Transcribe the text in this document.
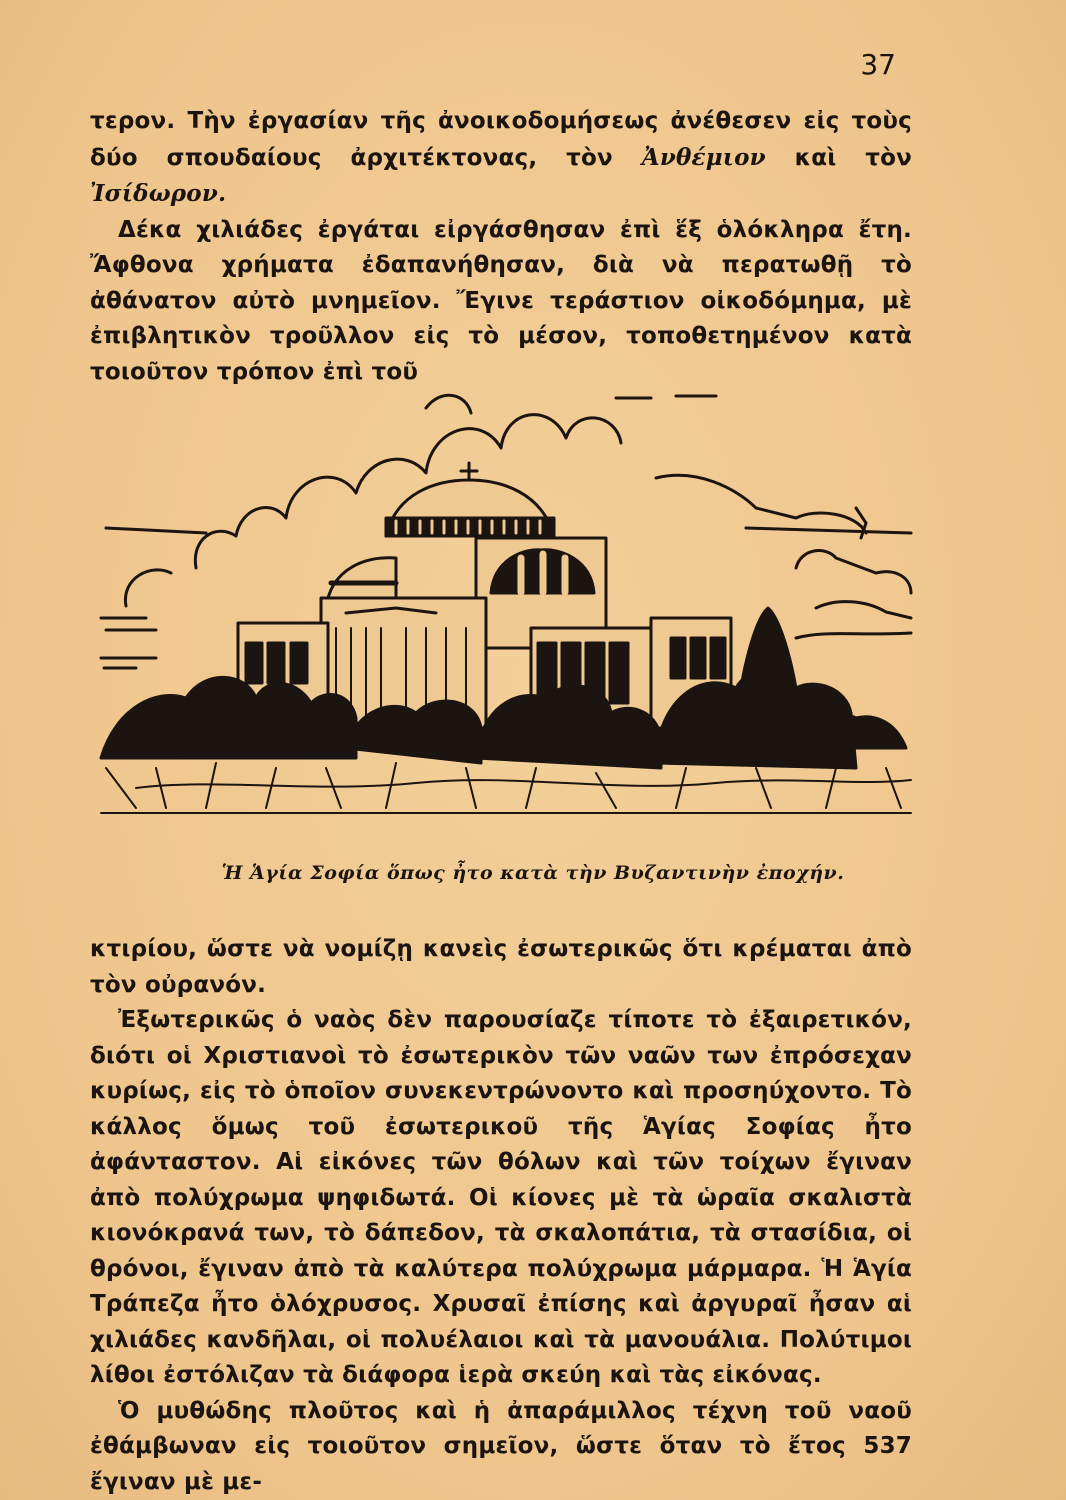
37

τερον. Τὴν ἐργασίαν τῆς ἀνοικοδομήσεως ἀνέθεσεν εἰς τοὺς δύο σπουδαίους ἀρχιτέκτονας, τὸν Ἀνθέμιον καὶ τὸν Ἰσίδωρον.

Δέκα χιλιάδες ἐργάται εἰργάσθησαν ἐπὶ ἕξ ὁλόκληρα ἔτη. Ἄφθονα χρήματα ἐδαπανήθησαν, διὰ νὰ περατωθῇ τὸ ἀθάνατον αὐτὸ μνημεῖον. Ἔγινε τεράστιον οἰκοδόμημα, μὲ ἐπιβλητικὸν τροῦλλον εἰς τὸ μέσον, τοποθετημένον κατὰ τοιοῦτον τρόπον ἐπὶ τοῦ

Ἡ Ἁγία Σοφία ὅπως ἦτο κατὰ τὴν Βυζαντινὴν ἐποχήν.

κτιρίου, ὥστε νὰ νομίζῃ κανεὶς ἐσωτερικῶς ὅτι κρέμαται ἀπὸ τὸν οὐρανόν.

Ἐξωτερικῶς ὁ ναὸς δὲν παρουσίαζε τίποτε τὸ ἐξαιρετικόν, διότι οἱ Χριστιανοὶ τὸ ἐσωτερικὸν τῶν ναῶν των ἐπρόσεχαν κυρίως, εἰς τὸ ὁποῖον συνεκεντρώνοντο καὶ προσηύχοντο. Τὸ κάλλος ὅμως τοῦ ἐσωτερικοῦ τῆς Ἁγίας Σοφίας ἦτο ἀφάνταστον. Αἱ εἰκόνες τῶν θόλων καὶ τῶν τοίχων ἔγιναν ἀπὸ πολύχρωμα ψηφιδωτά. Οἱ κίονες μὲ τὰ ὡραῖα σκαλιστὰ κιονόκρανά των, τὸ δάπεδον, τὰ σκαλοπάτια, τὰ στασίδια, οἱ θρόνοι, ἔγιναν ἀπὸ τὰ καλύτερα πολύχρωμα μάρμαρα. Ἡ Ἁγία Τράπεζα ἦτο ὁλόχρυσος. Χρυσαῖ ἐπίσης καὶ ἀργυραῖ ἦσαν αἱ χιλιάδες κανδῆλαι, οἱ πολυέλαιοι καὶ τὰ μανουάλια. Πολύτιμοι λίθοι ἐστόλιζαν τὰ διάφορα ἱερὰ σκεύη καὶ τὰς εἰκόνας.

Ὁ μυθώδης πλοῦτος καὶ ἡ ἀπαράμιλλος τέχνη τοῦ ναοῦ ἐθάμβωναν εἰς τοιοῦτον σημεῖον, ὥστε ὅταν τὸ ἔτος 537 ἔγιναν μὲ με-
